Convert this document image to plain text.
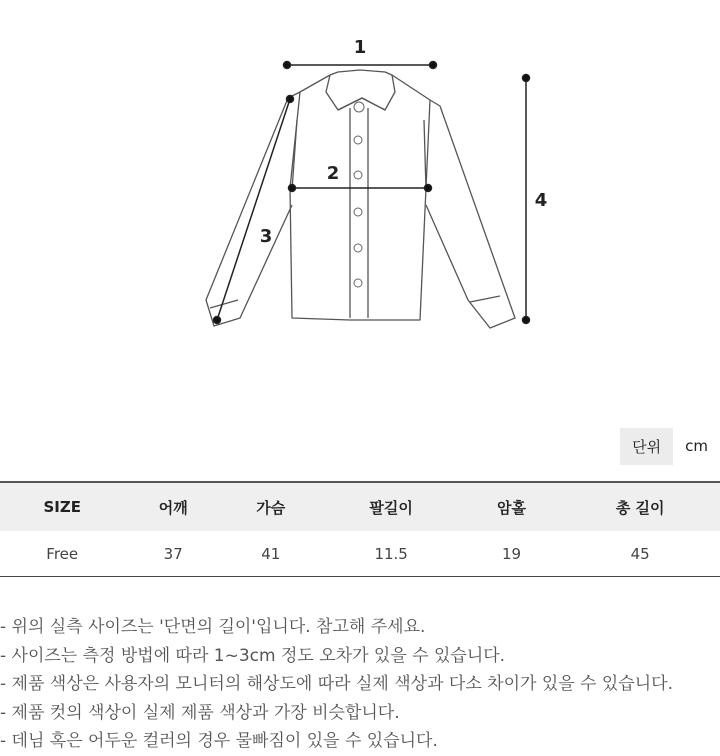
1
2
3
4
단위	cm
SIZE	어깨	가슴	팔길이	암홀	총 길이
Free	37	41	11.5	19	45
- 위의 실측 사이즈는 '단면의 길이'입니다. 참고해 주세요.
- 사이즈는 측정 방법에 따라 1~3cm 정도 오차가 있을 수 있습니다.
- 제품 색상은 사용자의 모니터의 해상도에 따라 실제 색상과 다소 차이가 있을 수 있습니다.
- 제품 컷의 색상이 실제 제품 색상과 가장 비슷합니다.
- 데님 혹은 어두운 컬러의 경우 물빠짐이 있을 수 있습니다.
